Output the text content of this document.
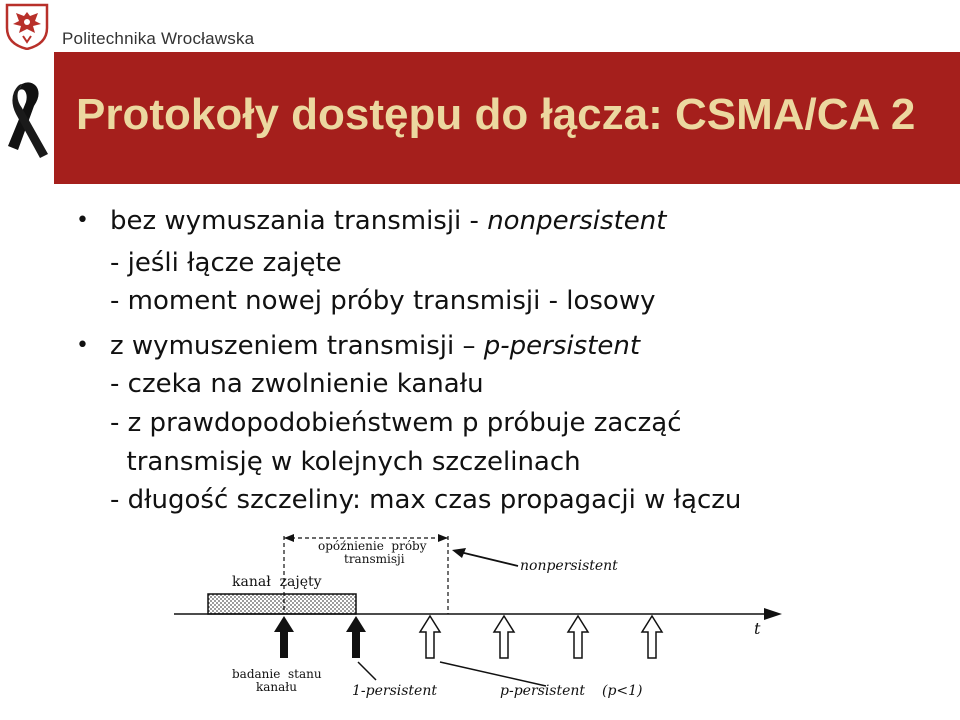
Politechnika Wrocławska
Protokoły dostępu do łącza: CSMA/CA 2
• bez wymuszania transmisji - nonpersistent
- jeśli łącze zajęte
- moment nowej próby transmisji - losowy
• z wymuszeniem transmisji – p-persistent
- czeka na zwolnienie kanału
- z prawdopodobieństwem p próbuje zacząć
transmisję w kolejnych szczelinach
- długość szczeliny: max czas propagacji w łączu
kanał  zajęty
t
opóźnienie  próby
transmisji	nonpersistent
badanie  stanu
kanału	1-persistent	p-persistent (p<1)
